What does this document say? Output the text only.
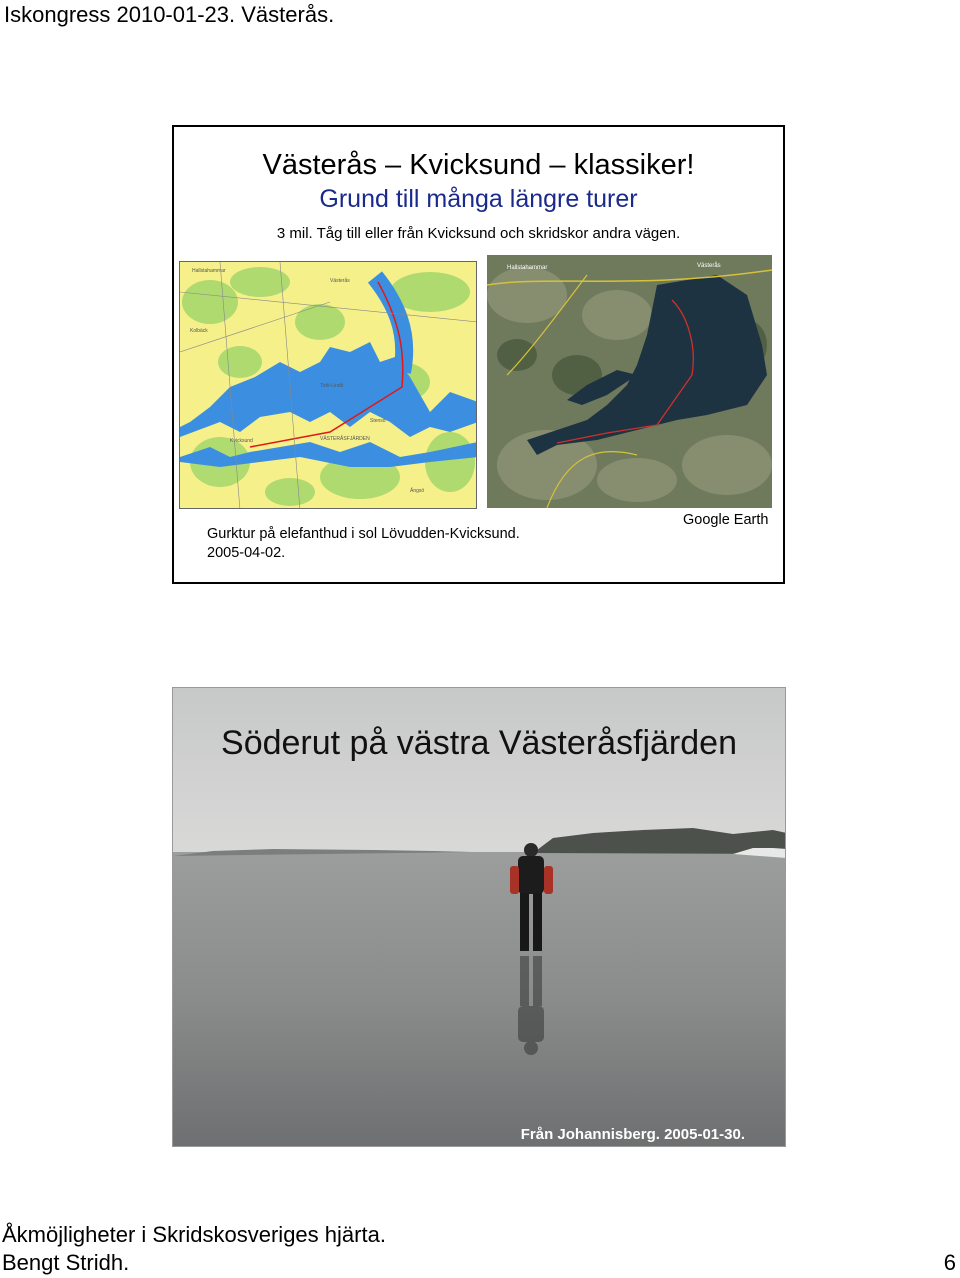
Iskongress 2010-01-23. Västerås.
Västerås – Kvicksund – klassiker!
Grund till många längre turer
3 mil. Tåg till eller från Kvicksund och skridskor andra vägen.
Hallstahammar
Västerås
Tidö-Lindö
Stensö
VÄSTERÅSFJÄRDEN
Kvicksund
Kolbäck
Ängsö
Hallstahammar	Västerås
Gurktur på elefanthud i sol Lövudden-Kvicksund.
2005-04-02.
Google Earth
Söderut på västra Västeråsfjärden
Från Johannisberg. 2005-01-30.
Åkmöjligheter i Skridskosveriges hjärta.
Bengt Stridh.	6
